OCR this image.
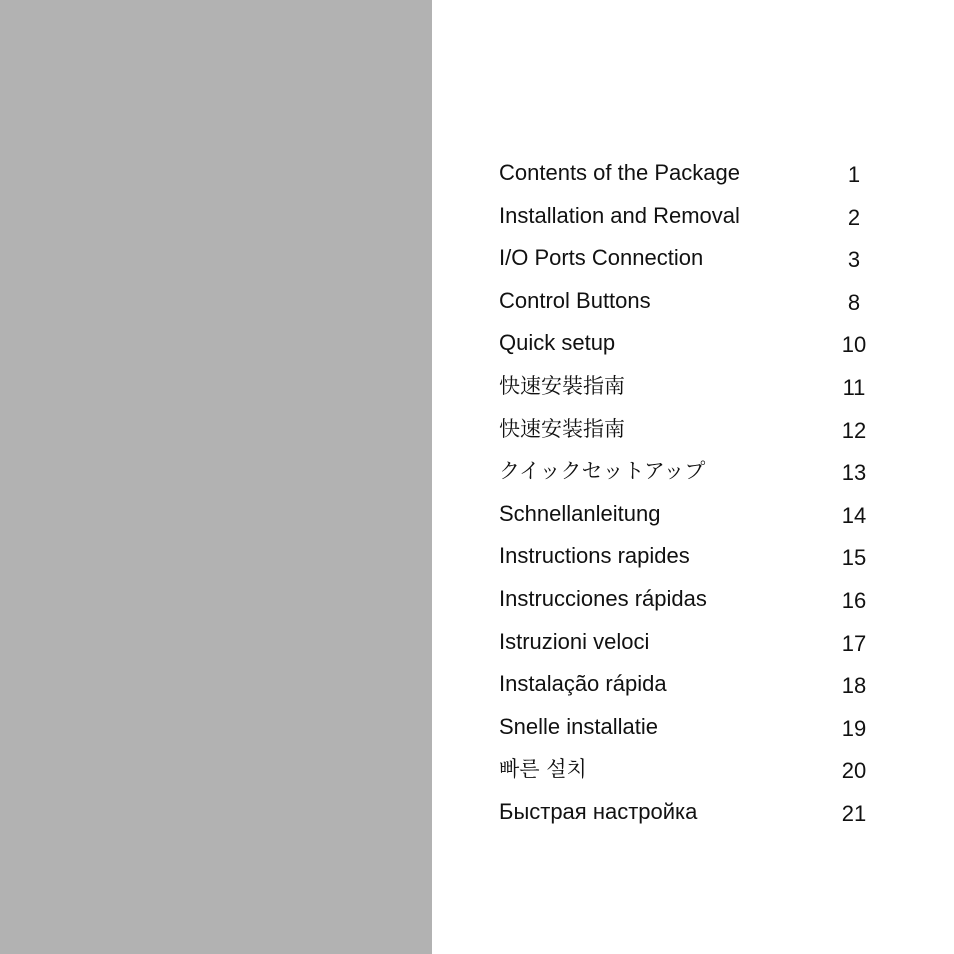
Contents of the Package	1
Installation and Removal	2
I/O Ports Connection	3
Control Buttons	8
Quick setup	10
快速安裝指南	11
快速安装指南	12
クイックセットアップ	13
Schnellanleitung	14
Instructions rapides	15
Instrucciones rápidas	16
Istruzioni veloci	17
Instalação rápida	18
Snelle installatie	19
빠른 설치	20
Быстрая настройка	21
